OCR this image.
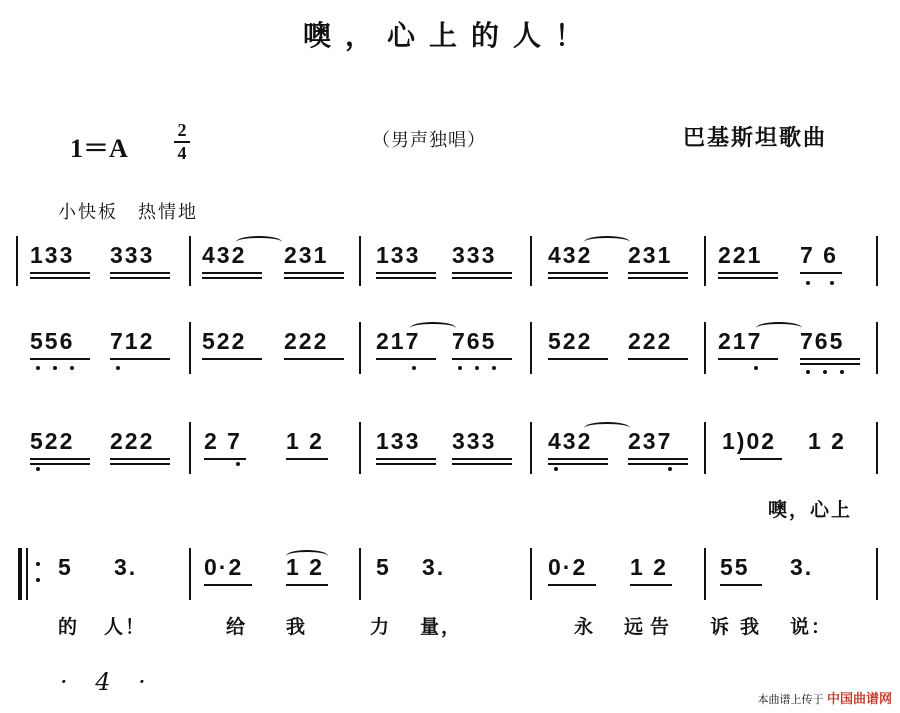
噢，心上的人！
1＝A
2
4
（男声独唱）	巴基斯坦歌曲
小快板　热情地
133 333 432 231 133 333 432 231 221 7 6
556 712 522 222 217 765 522 222 217 765
522 222 2 7 1 2 133 333 432 237 1)02 1 2
噢，心上
5 3.	0·2 1 2 5 3.	0·2 1 2 55 3.
的 人！	给 我	力 量，	永 远 告 诉 我 说：
· 4 ·
本曲谱上传于 中国曲谱网
